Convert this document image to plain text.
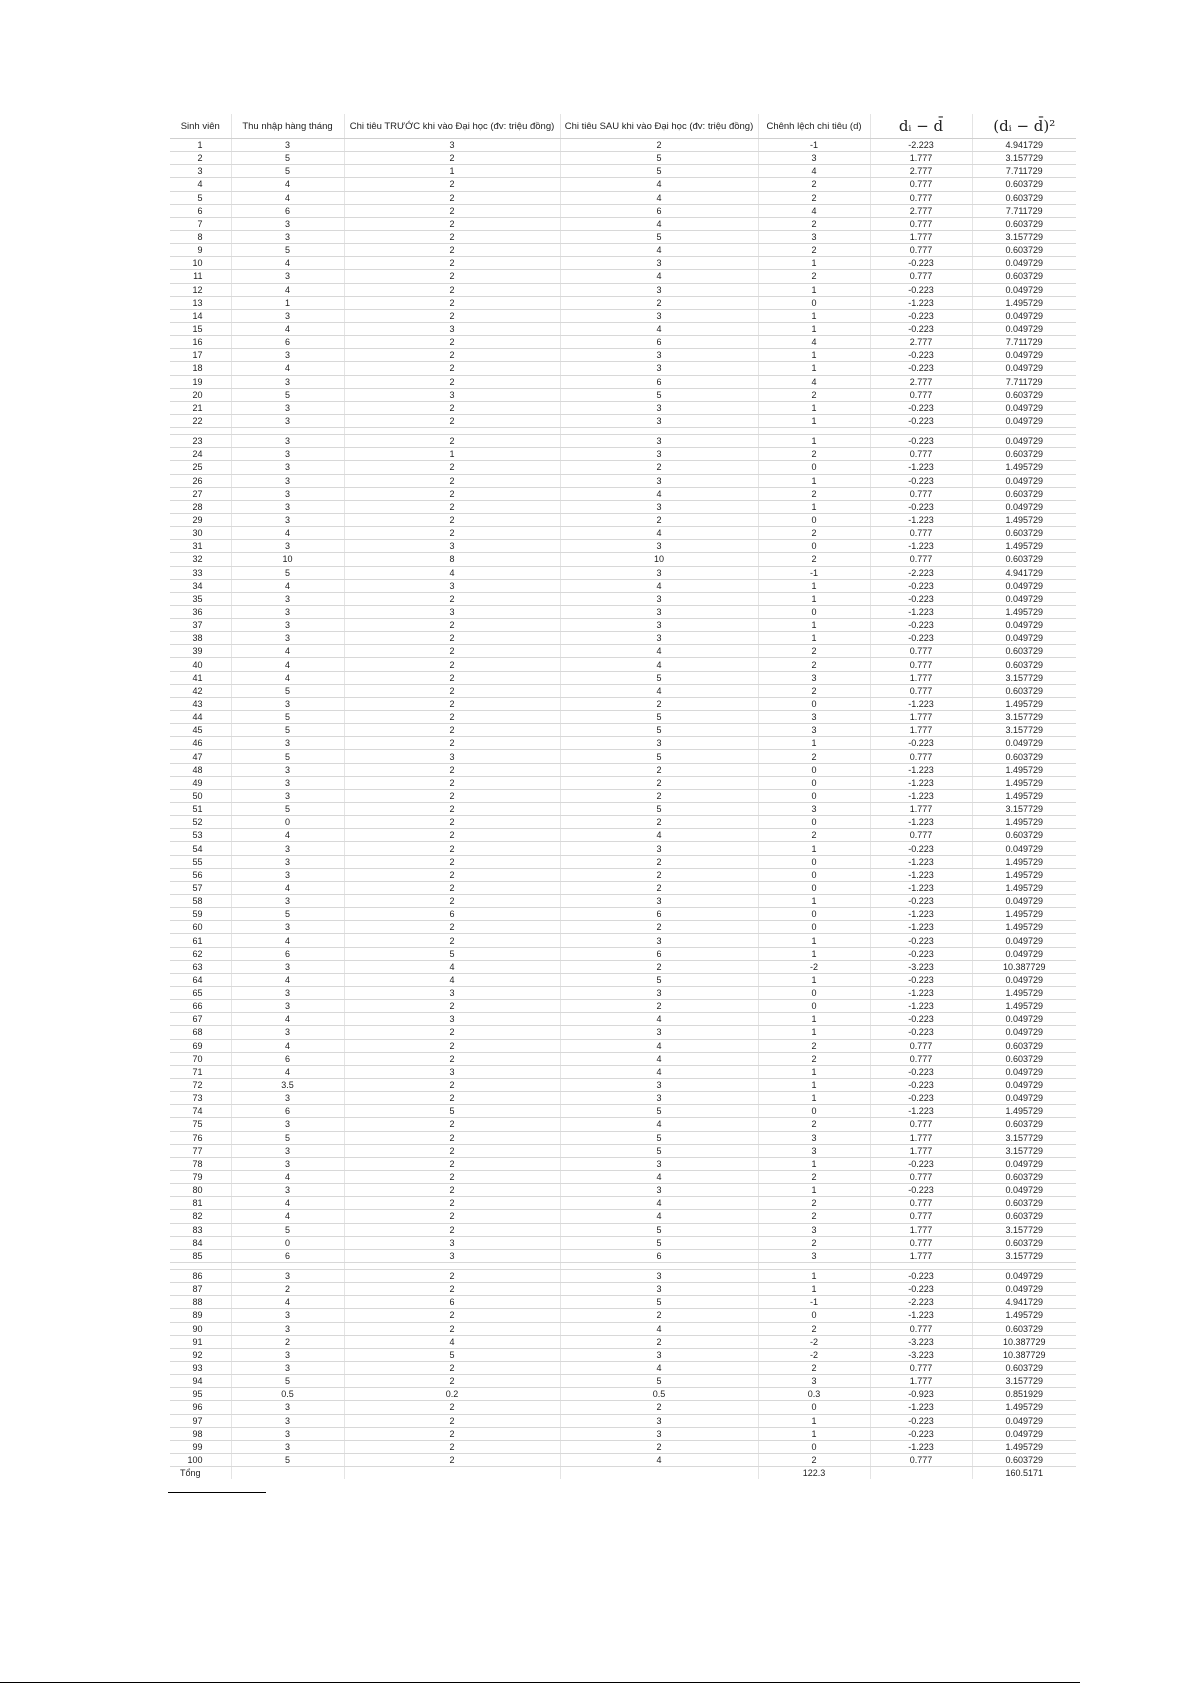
Sinh viên	Thu nhập hàng tháng	Chi tiêu TRƯỚC khi vào Đại học (đv: triệu đồng)	Chi tiêu SAU khi vào Đại học (đv: triệu đồng)	Chênh lệch chi tiêu (d)	dᵢ − d̄	(dᵢ − d̄)²
1	3	3	2	-1	-2.223	4.941729
2	5	2	5	3	1.777	3.157729
3	5	1	5	4	2.777	7.711729
4	4	2	4	2	0.777	0.603729
5	4	2	4	2	0.777	0.603729
6	6	2	6	4	2.777	7.711729
7	3	2	4	2	0.777	0.603729
8	3	2	5	3	1.777	3.157729
9	5	2	4	2	0.777	0.603729
10	4	2	3	1	-0.223	0.049729
11	3	2	4	2	0.777	0.603729
12	4	2	3	1	-0.223	0.049729
13	1	2	2	0	-1.223	1.495729
14	3	2	3	1	-0.223	0.049729
15	4	3	4	1	-0.223	0.049729
16	6	2	6	4	2.777	7.711729
17	3	2	3	1	-0.223	0.049729
18	4	2	3	1	-0.223	0.049729
19	3	2	6	4	2.777	7.711729
20	5	3	5	2	0.777	0.603729
21	3	2	3	1	-0.223	0.049729
22	3	2	3	1	-0.223	0.049729

23	3	2	3	1	-0.223	0.049729
24	3	1	3	2	0.777	0.603729
25	3	2	2	0	-1.223	1.495729
26	3	2	3	1	-0.223	0.049729
27	3	2	4	2	0.777	0.603729
28	3	2	3	1	-0.223	0.049729
29	3	2	2	0	-1.223	1.495729
30	4	2	4	2	0.777	0.603729
31	3	3	3	0	-1.223	1.495729
32	10	8	10	2	0.777	0.603729
33	5	4	3	-1	-2.223	4.941729
34	4	3	4	1	-0.223	0.049729
35	3	2	3	1	-0.223	0.049729
36	3	3	3	0	-1.223	1.495729
37	3	2	3	1	-0.223	0.049729
38	3	2	3	1	-0.223	0.049729
39	4	2	4	2	0.777	0.603729
40	4	2	4	2	0.777	0.603729
41	4	2	5	3	1.777	3.157729
42	5	2	4	2	0.777	0.603729
43	3	2	2	0	-1.223	1.495729
44	5	2	5	3	1.777	3.157729
45	5	2	5	3	1.777	3.157729
46	3	2	3	1	-0.223	0.049729
47	5	3	5	2	0.777	0.603729
48	3	2	2	0	-1.223	1.495729
49	3	2	2	0	-1.223	1.495729
50	3	2	2	0	-1.223	1.495729
51	5	2	5	3	1.777	3.157729
52	0	2	2	0	-1.223	1.495729
53	4	2	4	2	0.777	0.603729
54	3	2	3	1	-0.223	0.049729
55	3	2	2	0	-1.223	1.495729
56	3	2	2	0	-1.223	1.495729
57	4	2	2	0	-1.223	1.495729
58	3	2	3	1	-0.223	0.049729
59	5	6	6	0	-1.223	1.495729
60	3	2	2	0	-1.223	1.495729
61	4	2	3	1	-0.223	0.049729
62	6	5	6	1	-0.223	0.049729
63	3	4	2	-2	-3.223	10.387729
64	4	4	5	1	-0.223	0.049729
65	3	3	3	0	-1.223	1.495729
66	3	2	2	0	-1.223	1.495729
67	4	3	4	1	-0.223	0.049729
68	3	2	3	1	-0.223	0.049729
69	4	2	4	2	0.777	0.603729
70	6	2	4	2	0.777	0.603729
71	4	3	4	1	-0.223	0.049729
72	3.5	2	3	1	-0.223	0.049729
73	3	2	3	1	-0.223	0.049729
74	6	5	5	0	-1.223	1.495729
75	3	2	4	2	0.777	0.603729
76	5	2	5	3	1.777	3.157729
77	3	2	5	3	1.777	3.157729
78	3	2	3	1	-0.223	0.049729
79	4	2	4	2	0.777	0.603729
80	3	2	3	1	-0.223	0.049729
81	4	2	4	2	0.777	0.603729
82	4	2	4	2	0.777	0.603729
83	5	2	5	3	1.777	3.157729
84	0	3	5	2	0.777	0.603729
85	6	3	6	3	1.777	3.157729

86	3	2	3	1	-0.223	0.049729
87	2	2	3	1	-0.223	0.049729
88	4	6	5	-1	-2.223	4.941729
89	3	2	2	0	-1.223	1.495729
90	3	2	4	2	0.777	0.603729
91	2	4	2	-2	-3.223	10.387729
92	3	5	3	-2	-3.223	10.387729
93	3	2	4	2	0.777	0.603729
94	5	2	5	3	1.777	3.157729
95	0.5	0.2	0.5	0.3	-0.923	0.851929
96	3	2	2	0	-1.223	1.495729
97	3	2	3	1	-0.223	0.049729
98	3	2	3	1	-0.223	0.049729
99	3	2	2	0	-1.223	1.495729
100	5	2	4	2	0.777	0.603729
Tổng				122.3		160.5171
